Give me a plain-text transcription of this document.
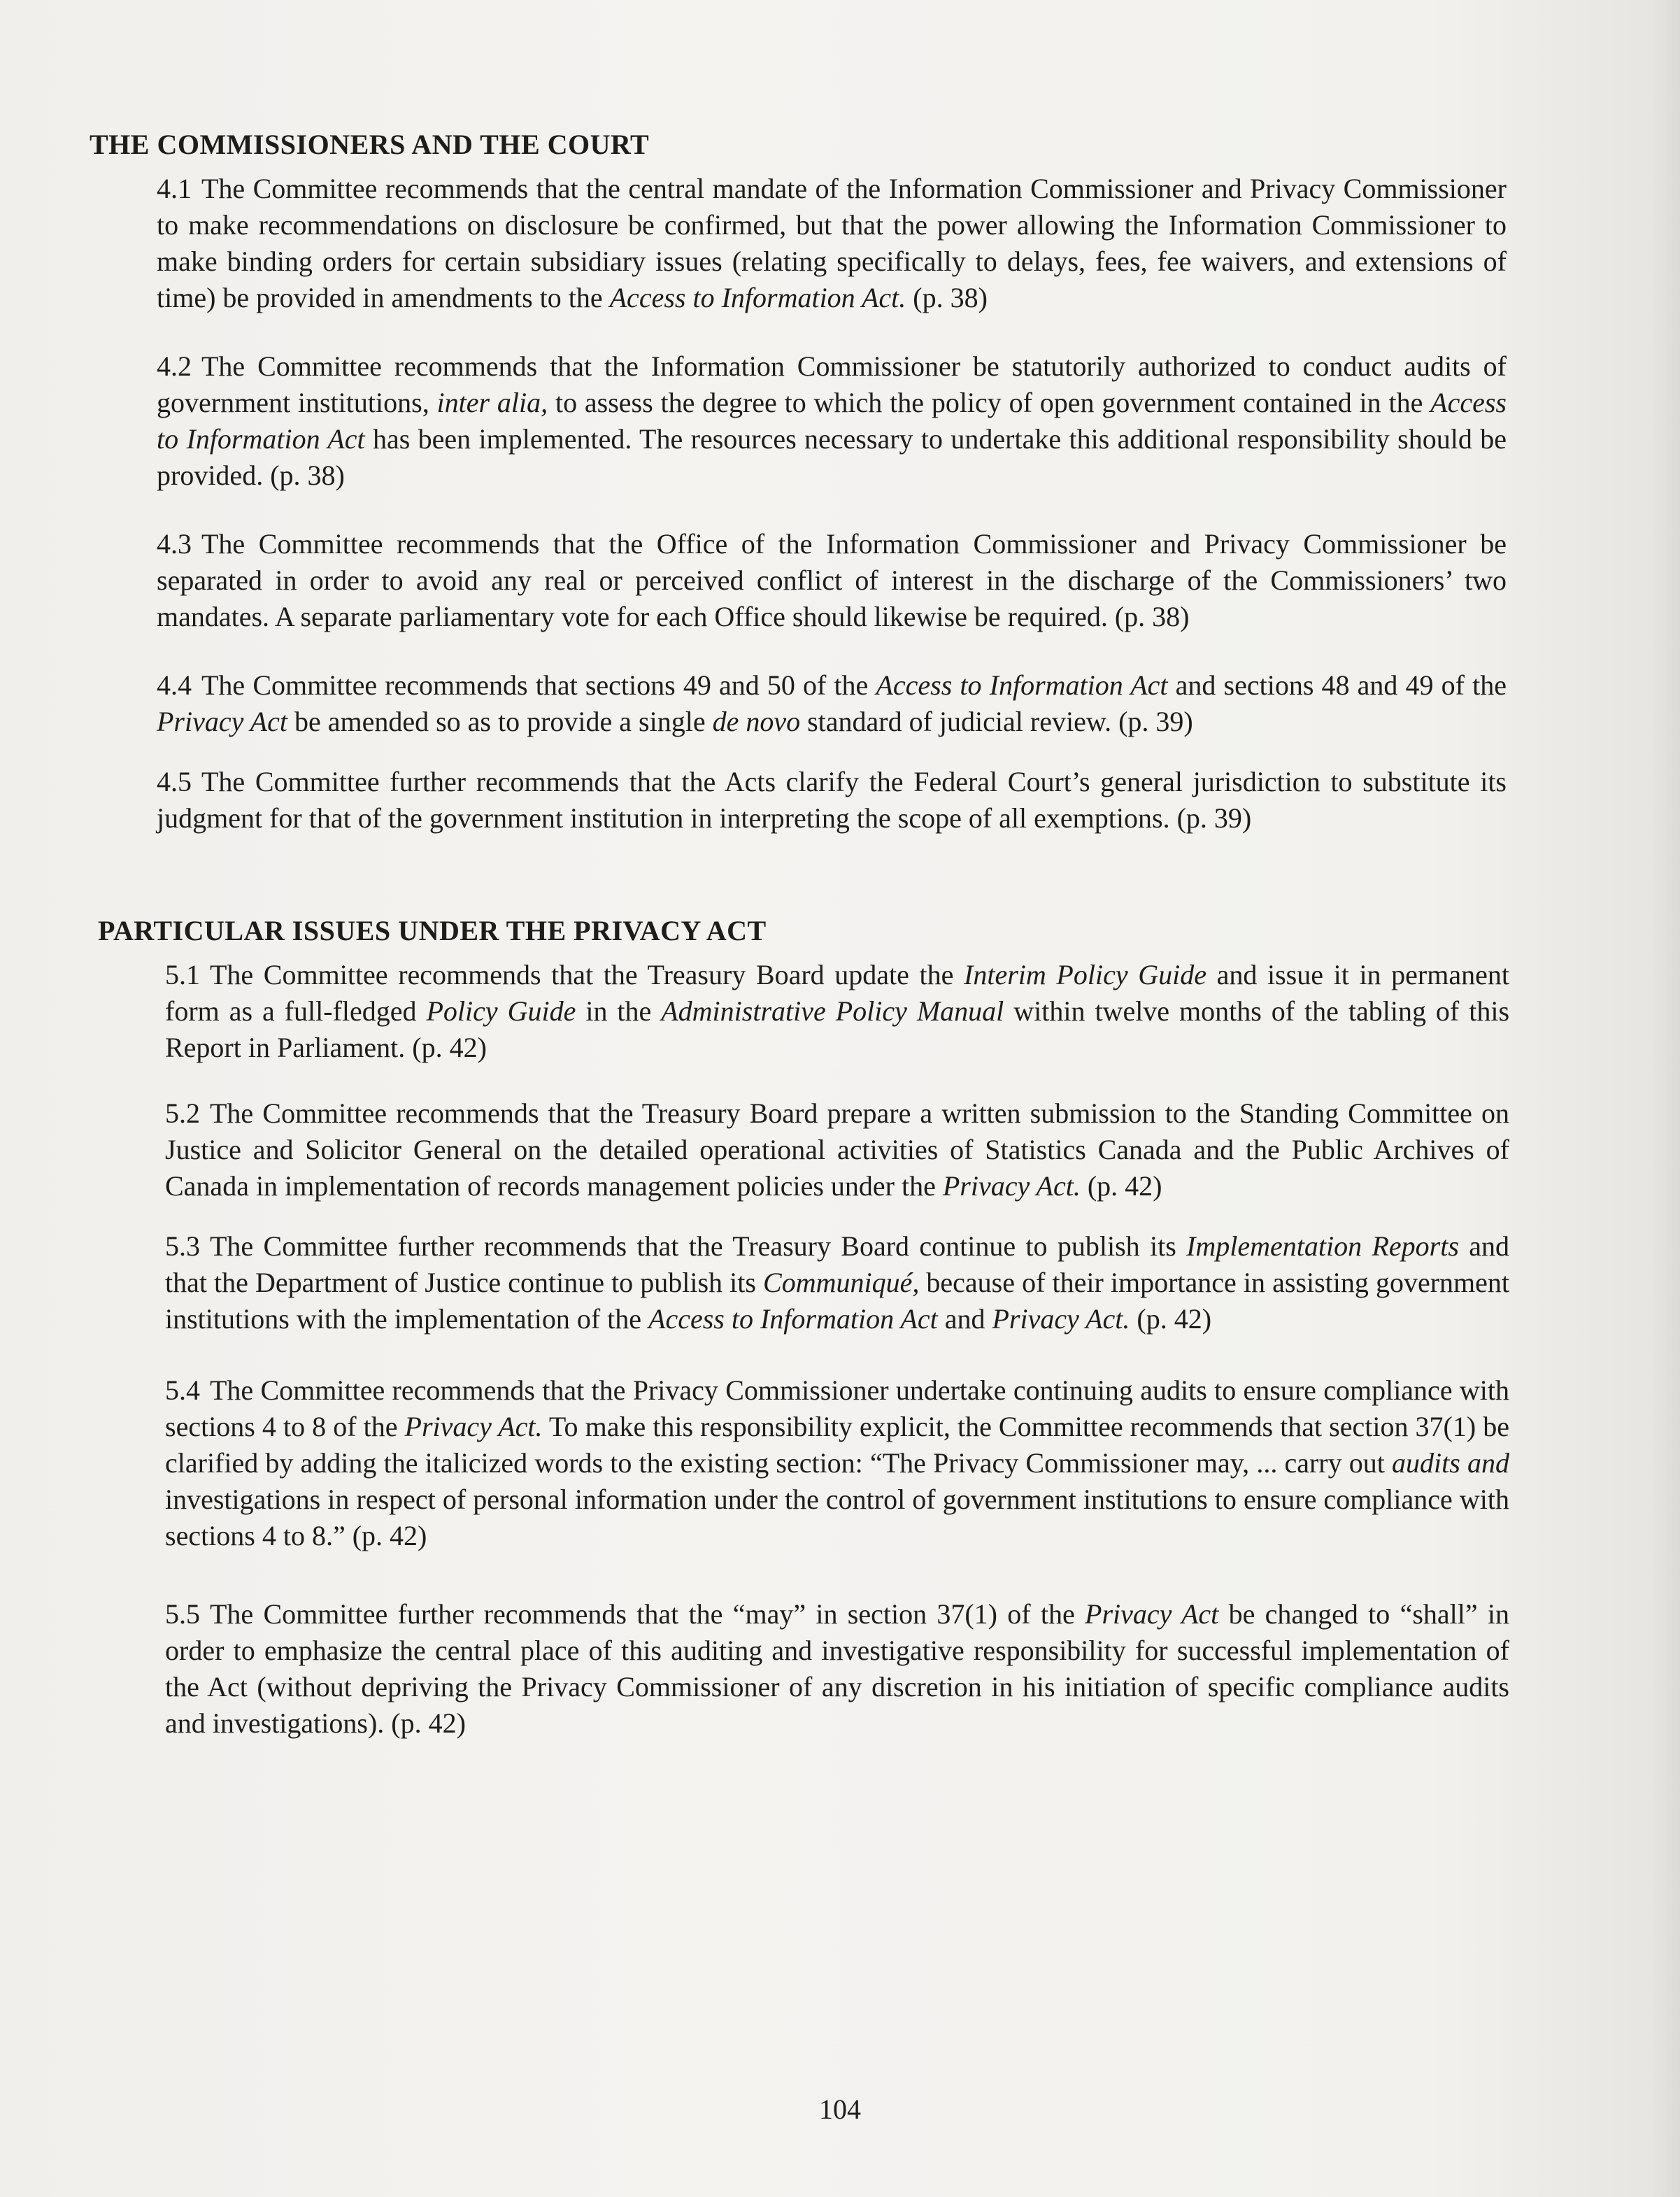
THE COMMISSIONERS AND THE COURT

4.1 The Committee recommends that the central mandate of the Information Commissioner and Privacy Commissioner to make recommendations on disclosure be confirmed, but that the power allowing the Information Commissioner to make binding orders for certain subsidiary issues (relating specifically to delays, fees, fee waivers, and extensions of time) be provided in amendments to the Access to Information Act. (p. 38)

4.2 The Committee recommends that the Information Commissioner be statutorily authorized to conduct audits of government institutions, inter alia, to assess the degree to which the policy of open government contained in the Access to Information Act has been implemented. The resources necessary to undertake this additional responsibility should be provided. (p. 38)

4.3 The Committee recommends that the Office of the Information Commissioner and Privacy Commissioner be separated in order to avoid any real or perceived conflict of interest in the discharge of the Commissioners’ two mandates. A separate parliamentary vote for each Office should likewise be required. (p. 38)

4.4 The Committee recommends that sections 49 and 50 of the Access to Information Act and sections 48 and 49 of the Privacy Act be amended so as to provide a single de novo standard of judicial review. (p. 39)

4.5 The Committee further recommends that the Acts clarify the Federal Court’s general jurisdiction to substitute its judgment for that of the government institution in interpreting the scope of all exemptions. (p. 39)

PARTICULAR ISSUES UNDER THE PRIVACY ACT

5.1 The Committee recommends that the Treasury Board update the Interim Policy Guide and issue it in permanent form as a full-fledged Policy Guide in the Administrative Policy Manual within twelve months of the tabling of this Report in Parliament. (p. 42)

5.2 The Committee recommends that the Treasury Board prepare a written submission to the Standing Committee on Justice and Solicitor General on the detailed operational activities of Statistics Canada and the Public Archives of Canada in implementation of records management policies under the Privacy Act. (p. 42)

5.3 The Committee further recommends that the Treasury Board continue to publish its Implementation Reports and that the Department of Justice continue to publish its Communiqué, because of their importance in assisting government institutions with the implementation of the Access to Information Act and Privacy Act. (p. 42)

5.4 The Committee recommends that the Privacy Commissioner undertake continuing audits to ensure compliance with sections 4 to 8 of the Privacy Act. To make this responsibility explicit, the Committee recommends that section 37(1) be clarified by adding the italicized words to the existing section: “The Privacy Commissioner may, ... carry out audits and investigations in respect of personal information under the control of government institutions to ensure compliance with sections 4 to 8.” (p. 42)

5.5 The Committee further recommends that the “may” in section 37(1) of the Privacy Act be changed to “shall” in order to emphasize the central place of this auditing and investigative responsibility for successful implementation of the Act (without depriving the Privacy Commissioner of any discretion in his initiation of specific compliance audits and investigations). (p. 42)

104
